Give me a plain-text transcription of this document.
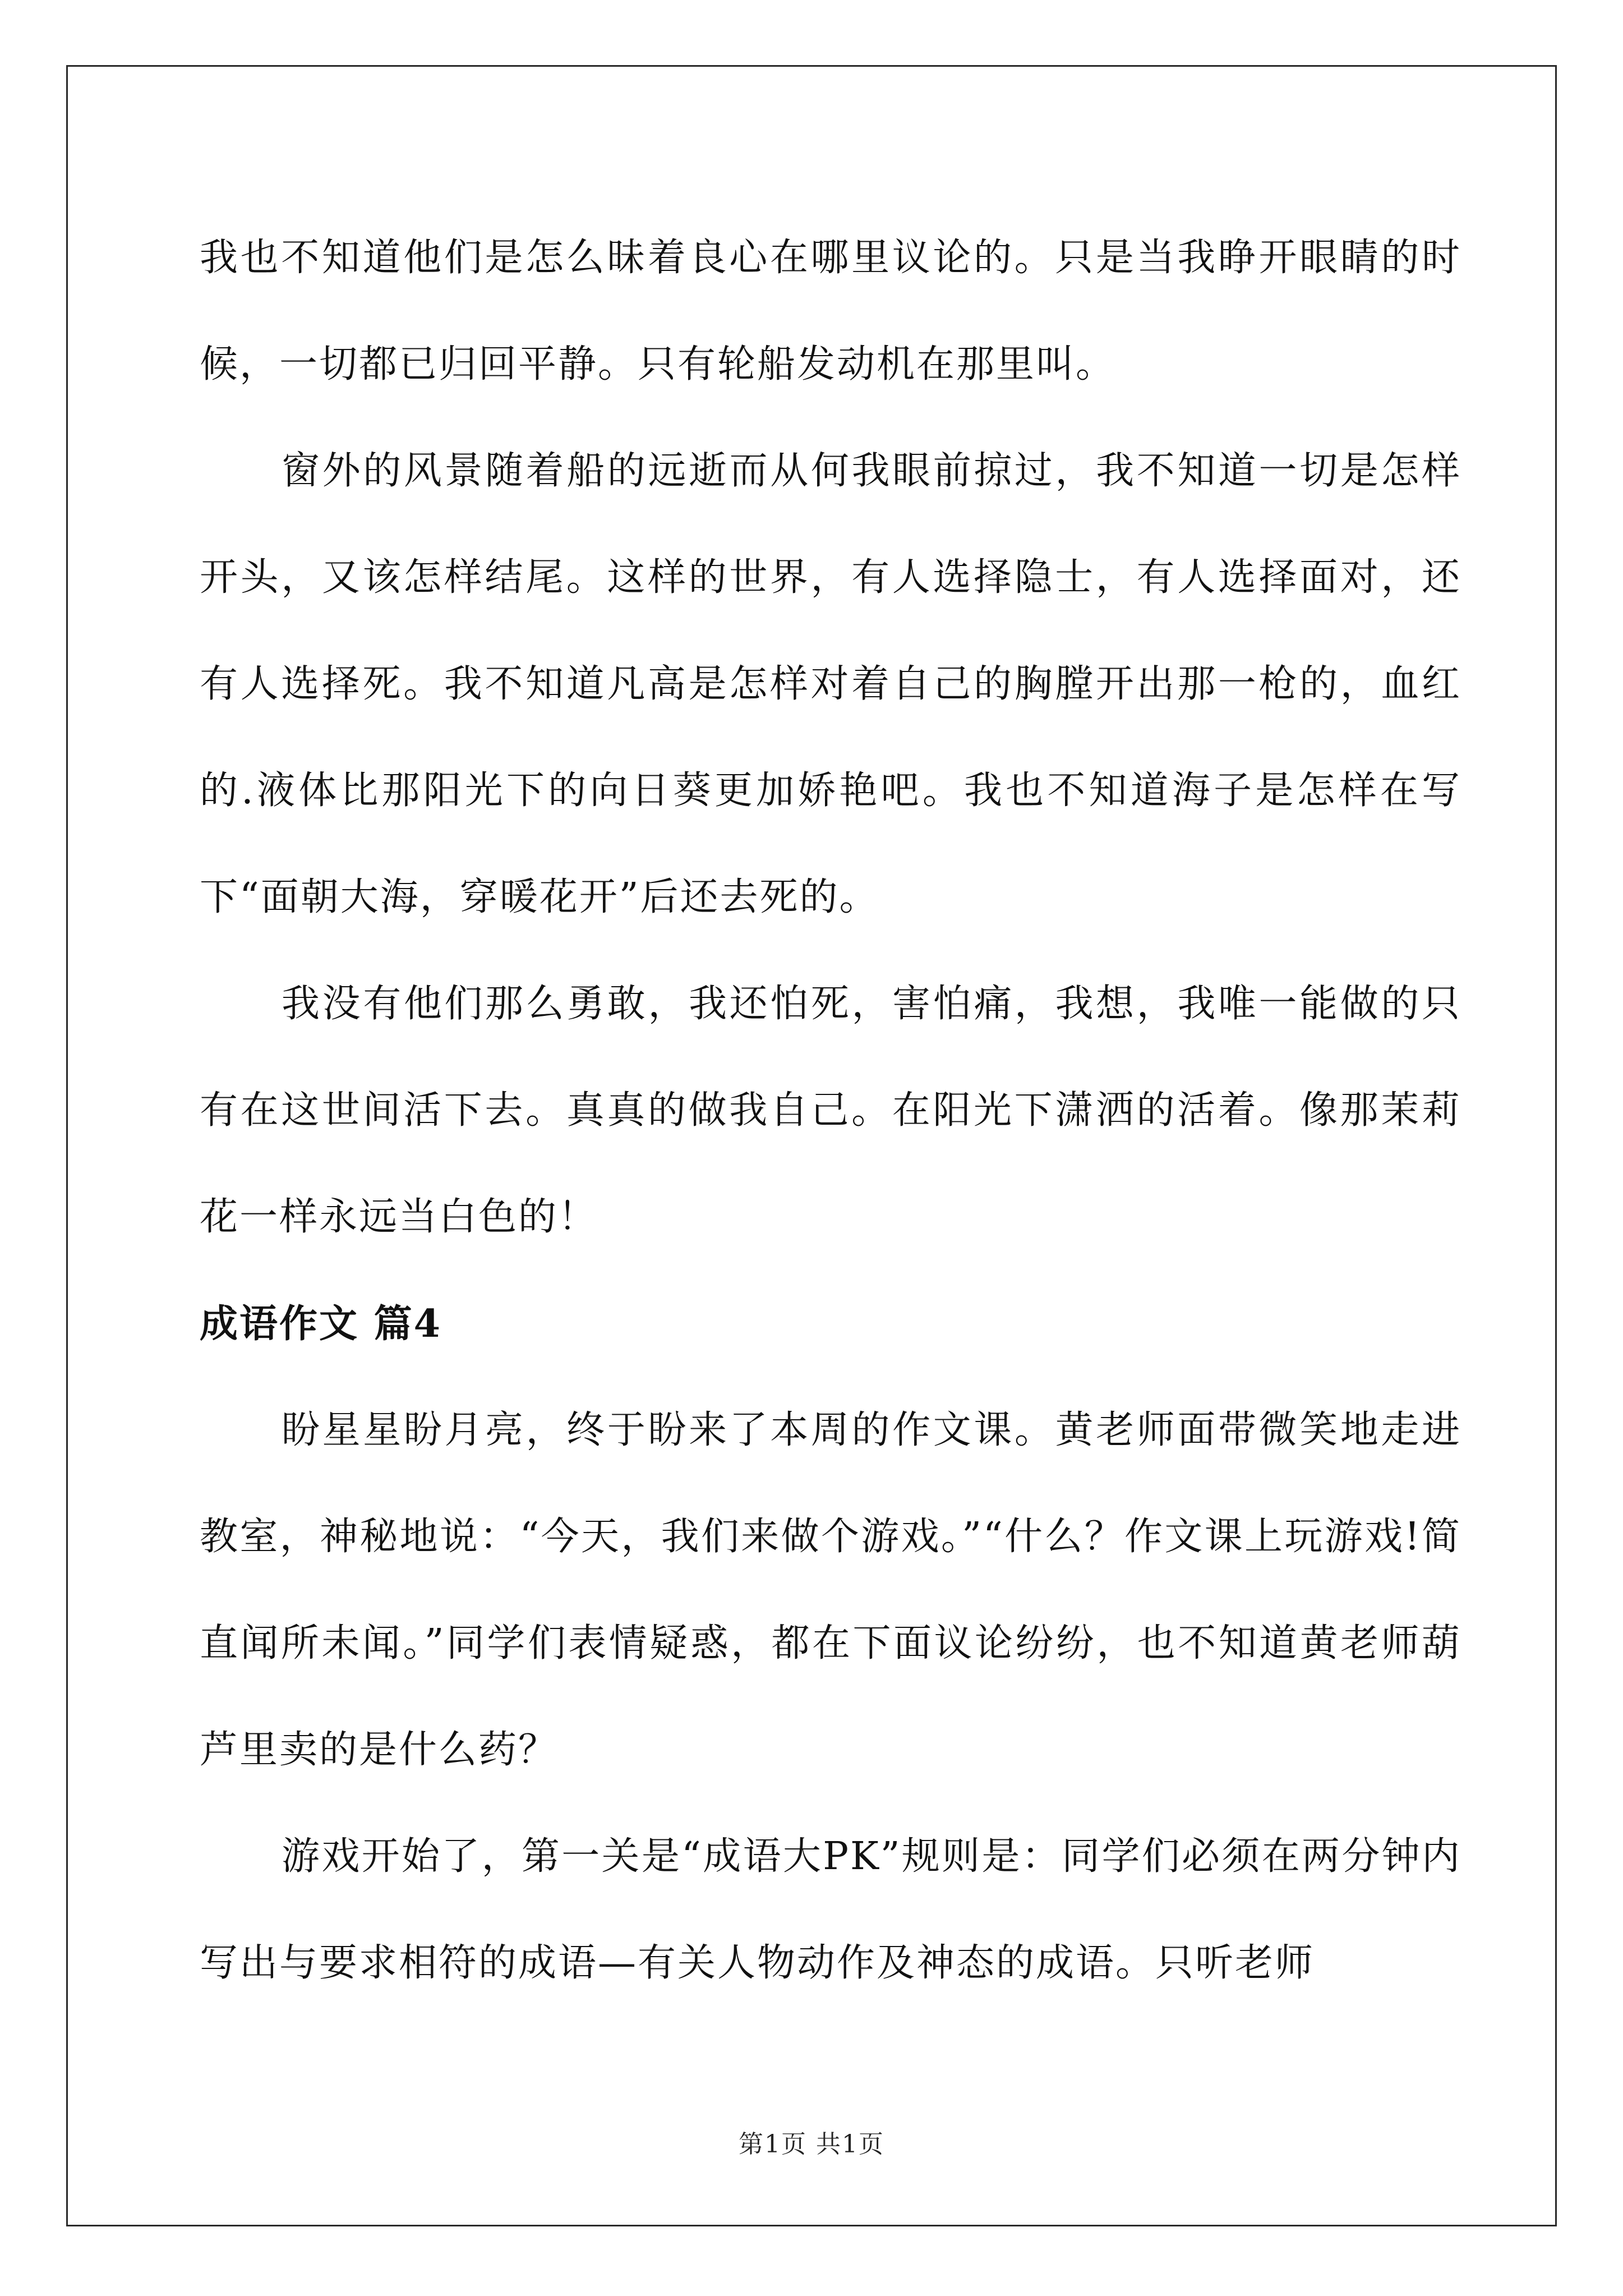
我也不知道他们是怎么昧着良心在哪里议论的。只是当我睁开眼睛的时候，一切都已归回平静。只有轮船发动机在那里叫。

窗外的风景随着船的远逝而从何我眼前掠过，我不知道一切是怎样开头，又该怎样结尾。这样的世界，有人选择隐士，有人选择面对，还有人选择死。我不知道凡高是怎样对着自己的胸膛开出那一枪的，血红的.液体比那阳光下的向日葵更加娇艳吧。我也不知道海子是怎样在写下“面朝大海，穿暖花开”后还去死的。

我没有他们那么勇敢，我还怕死，害怕痛，我想，我唯一能做的只有在这世间活下去。真真的做我自己。在阳光下潇洒的活着。像那茉莉花一样永远当白色的！

成语作文 篇4

盼星星盼月亮，终于盼来了本周的作文课。黄老师面带微笑地走进教室，神秘地说：“今天，我们来做个游戏。”“什么？作文课上玩游戏!简直闻所未闻。”同学们表情疑惑，都在下面议论纷纷，也不知道黄老师葫芦里卖的是什么药？

游戏开始了，第一关是“成语大PK”规则是：同学们必须在两分钟内写出与要求相符的成语—有关人物动作及神态的成语。只听老师

第1页 共1页
